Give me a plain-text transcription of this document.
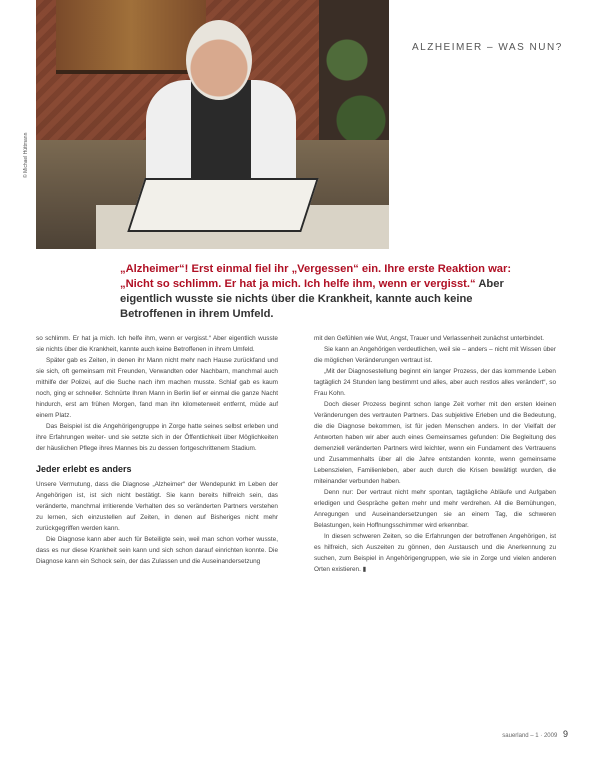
© Michael Hüttmann
ALZHEIMER – WAS NUN?
„Alzheimer“! Erst einmal fiel ihr „Vergessen“ ein. Ihre erste Reaktion war: „Nicht so schlimm. Er hat ja mich. Ich helfe ihm, wenn er vergisst.“ Aber eigentlich wusste sie nichts über die Krankheit, kannte auch keine Betroffenen in ihrem Umfeld.

so schlimm. Er hat ja mich. Ich helfe ihm, wenn er vergisst.“ Aber eigentlich wusste sie nichts über die Krankheit, kannte auch keine Betroffenen in ihrem Umfeld.

Später gab es Zeiten, in denen ihr Mann nicht mehr nach Hause zurückfand und sie sich, oft gemeinsam mit Freunden, Verwandten oder Nachbarn, manchmal auch mithilfe der Polizei, auf die Suche nach ihm machen musste. Schlaf gab es kaum noch, ging er schneller. Schnürte Ihren Mann in Berlin lief er einmal die ganze Nacht hindurch, erst am frühen Morgen, fand man ihn kilometerweit entfernt, müde auf einem Platz.

Das Beispiel ist die Angehörigengruppe in Zorge hatte seines selbst erleben und ihre Erfahrungen weiter- und sie setzte sich in der Öffentlichkeit über Möglichkeiten der häuslichen Pflege ihres Mannes bis zu dessen fortgeschrittenem Stadium.

Jeder erlebt es anders

Unsere Vermutung, dass die Diagnose „Alzheimer“ der Wendepunkt im Leben der Angehörigen ist, ist sich nicht bestätigt. Sie kann bereits hilfreich sein, das veränderte, manchmal irritierende Verhalten des so veränderten Partners verstehen zu lernen, sich einzustellen auf Zeiten, in denen auf Bisheriges nicht mehr zurückgegriffen werden kann.

Die Diagnose kann aber auch für Beteiligte sein, weil man schon vorher wusste, dass es nur diese Krankheit sein kann und sich schon darauf einrichten konnte. Die Diagnose kann ein Schock sein, der das Zulassen und die Auseinandersetzung

mit den Gefühlen wie Wut, Angst, Trauer und Verlassenheit zunächst unterbindet.

Sie kann an Angehörigen verdeutlichen, weil sie – anders – nicht mit Wissen über die möglichen Veränderungen vertraut ist.

„Mit der Diagnosestellung beginnt ein langer Prozess, der das kommende Leben tagtäglich 24 Stunden lang bestimmt und alles, aber auch restlos alles verändert“, so Frau Kohn.

Doch dieser Prozess beginnt schon lange Zeit vorher mit den ersten kleinen Veränderungen des vertrauten Partners. Das subjektive Erleben und die Bedeutung, die die Diagnose bekommen, ist für jeden Menschen anders. In der Vielfalt der Antworten haben wir aber auch eines Gemeinsames gefunden: Die Begleitung des demenziell veränderten Partners wird leichter, wenn ein Fundament des Vertrauens und Zusammenhalts über all die Jahre entstanden konnte, wenn gemeinsame Lebenszielen, Familienleben, aber auch durch die Krisen bewältigt wurden, die miteinander verbunden haben.

Denn nur: Der vertraut nicht mehr spontan, tagtägliche Abläufe und Aufgaben erledigen und Gespräche gelten mehr und mehr verdrehen. All die Bemühungen, Anregungen und Auseinandersetzungen sie an einem Tag, die schweren Belastungen, kein Hoffnungsschimmer wird erkennbar.

In diesen schweren Zeiten, so die Erfahrungen der betroffenen Angehörigen, ist es hilfreich, sich Auszeiten zu gönnen, den Austausch und die Anerkennung zu suchen, zum Beispiel in Angehörigengruppen, wie sie in Zorge und vielen anderen Orten existieren. ▮

sauerland – 1 · 2009 9
